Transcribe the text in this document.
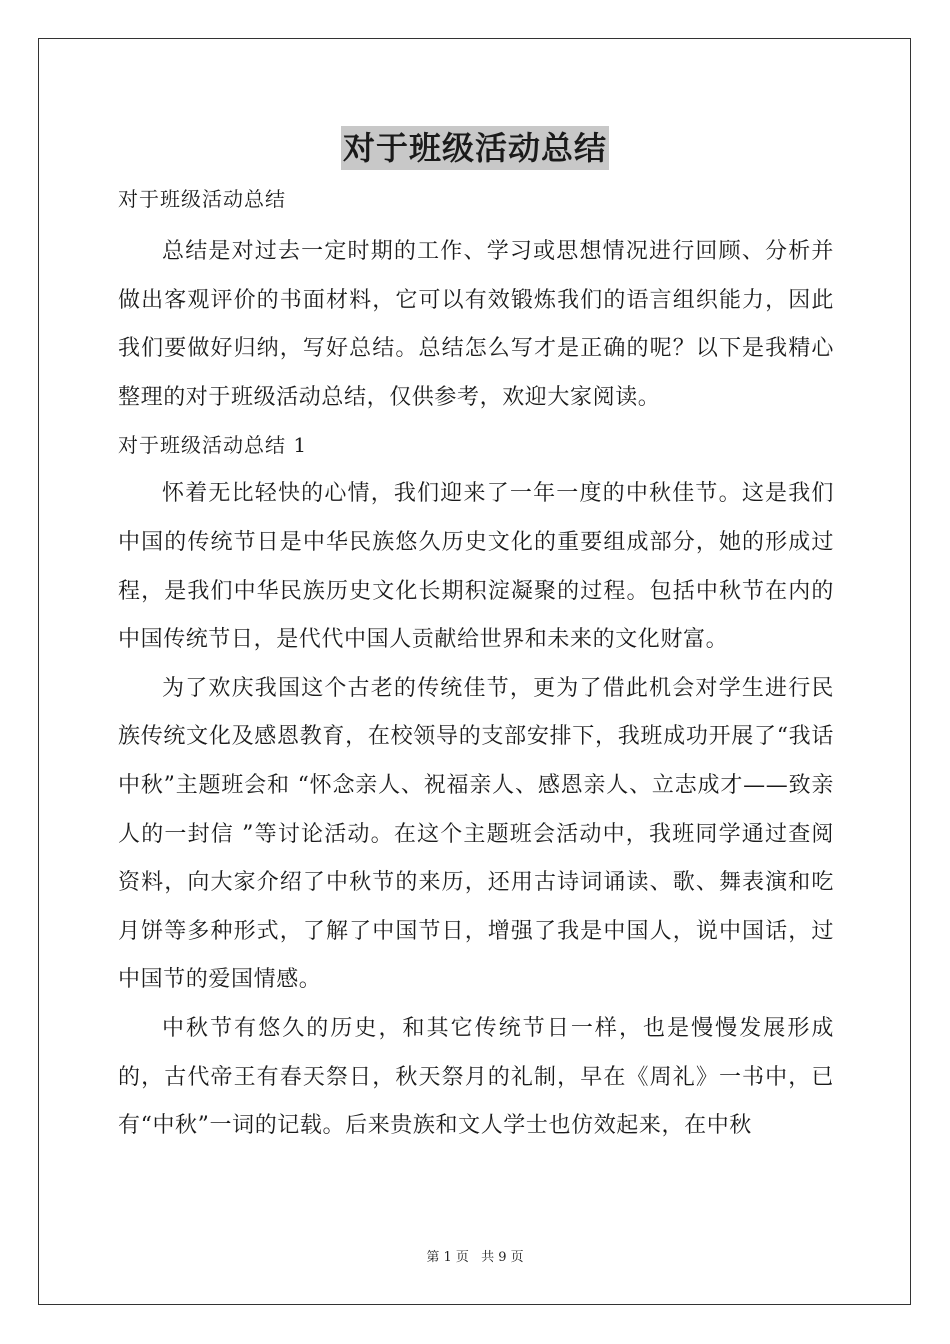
对于班级活动总结

对于班级活动总结

总结是对过去一定时期的工作、学习或思想情况进行回顾、分析并做出客观评价的书面材料，它可以有效锻炼我们的语言组织能力，因此我们要做好归纳，写好总结。总结怎么写才是正确的呢？以下是我精心整理的对于班级活动总结，仅供参考，欢迎大家阅读。

对于班级活动总结 1

怀着无比轻快的心情，我们迎来了一年一度的中秋佳节。这是我们中国的传统节日是中华民族悠久历史文化的重要组成部分，她的形成过程，是我们中华民族历史文化长期积淀凝聚的过程。包括中秋节在内的中国传统节日，是代代中国人贡献给世界和未来的文化财富。

为了欢庆我国这个古老的传统佳节，更为了借此机会对学生进行民族传统文化及感恩教育，在校领导的支部安排下，我班成功开展了“我话中秋”主题班会和 “怀念亲人、祝福亲人、感恩亲人、立志成才——致亲人的一封信 ”等讨论活动。在这个主题班会活动中，我班同学通过查阅资料，向大家介绍了中秋节的来历，还用古诗词诵读、歌、舞表演和吃月饼等多种形式，了解了中国节日，增强了我是中国人，说中国话，过中国节的爱国情感。

中秋节有悠久的历史，和其它传统节日一样，也是慢慢发展形成的，古代帝王有春天祭日，秋天祭月的礼制，早在《周礼》一书中，已有“中秋”一词的记载。后来贵族和文人学士也仿效起来，在中秋

第 1 页 共 9 页
